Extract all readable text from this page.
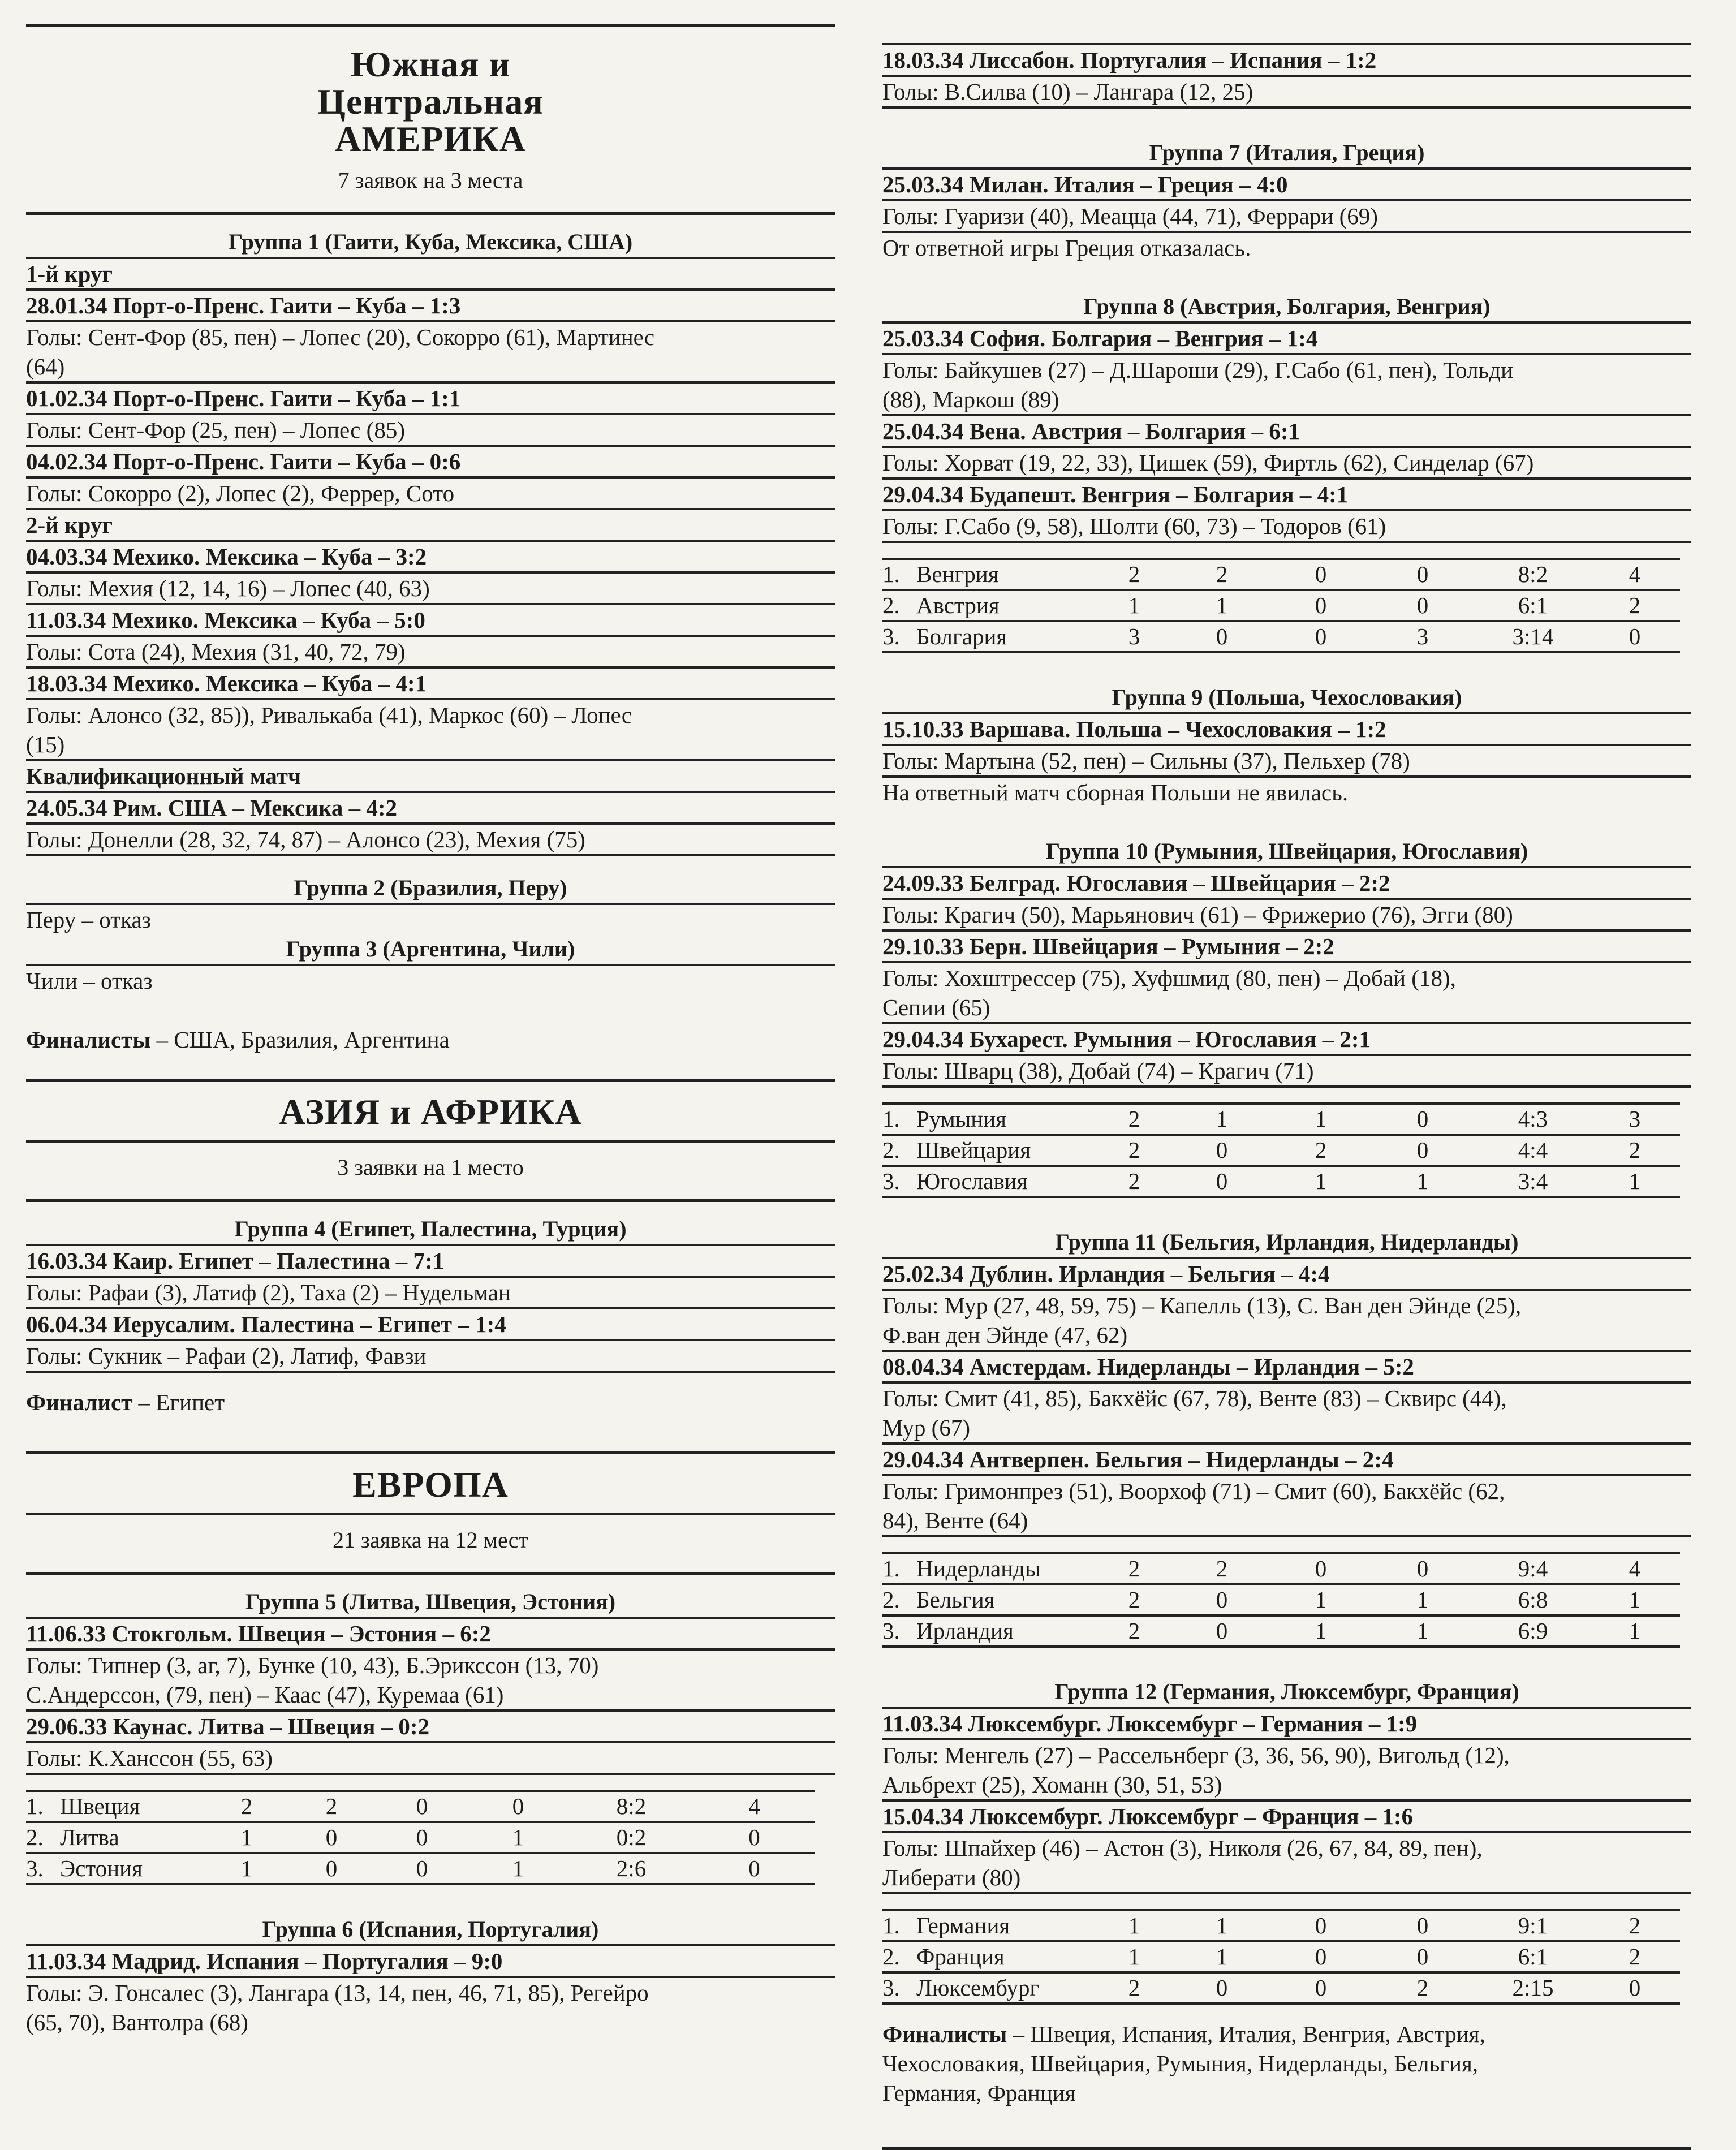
Южная и
Центральная
АМЕРИКА
7 заявок на 3 места
Группа 1 (Гаити, Куба, Мексика, США)
1-й круг
28.01.34 Порт-о-Пренс. Гаити – Куба – 1:3
Голы: Сент-Фор (85, пен) – Лопес (20), Сокорро (61), Мартинес
(64)
01.02.34 Порт-о-Пренс. Гаити – Куба – 1:1
Голы: Сент-Фор (25, пен) – Лопес (85)
04.02.34 Порт-о-Пренс. Гаити – Куба – 0:6
Голы: Сокорро (2), Лопес (2), Феррер, Сото
2-й круг
04.03.34 Мехико. Мексика – Куба – 3:2
Голы: Мехия (12, 14, 16) – Лопес (40, 63)
11.03.34 Мехико. Мексика – Куба – 5:0
Голы: Сота (24), Мехия (31, 40, 72, 79)
18.03.34 Мехико. Мексика – Куба – 4:1
Голы: Алонсо (32, 85)), Ривалькаба (41), Маркос (60) – Лопес
(15)
Квалификационный матч
24.05.34 Рим. США – Мексика – 4:2
Голы: Донелли (28, 32, 74, 87) – Алонсо (23), Мехия (75)
Группа 2 (Бразилия, Перу)
Перу – отказ
Группа 3 (Аргентина, Чили)
Чили – отказ
Финалисты – США, Бразилия, Аргентина
АЗИЯ и АФРИКА
3 заявки на 1 место
Группа 4 (Египет, Палестина, Турция)
16.03.34 Каир. Египет – Палестина – 7:1
Голы: Рафаи (3), Латиф (2), Таха (2) – Нудельман
06.04.34 Иерусалим. Палестина – Египет – 1:4
Голы: Сукник – Рафаи (2), Латиф, Фавзи
Финалист – Египет
ЕВРОПА
21 заявка на 12 мест
Группа 5 (Литва, Швеция, Эстония)
11.06.33 Стокгольм. Швеция – Эстония – 6:2
Голы: Типнер (3, аг, 7), Бунке (10, 43), Б.Эрикссон (13, 70)
С.Андерссон, (79, пен) – Каас (47), Куремаа (61)
29.06.33 Каунас. Литва – Швеция – 0:2
Голы: К.Ханссон (55, 63)
1.	Швеция	2	2	0	0	8:2	4
2.	Литва	1	0	0	1	0:2	0
3.	Эстония	1	0	0	1	2:6	0
Группа 6 (Испания, Португалия)
11.03.34 Мадрид. Испания – Португалия – 9:0
Голы: Э. Гонсалес (3), Лангара (13, 14, пен, 46, 71, 85), Регейро
(65, 70), Вантолра (68)
18.03.34 Лиссабон. Португалия – Испания – 1:2
Голы: В.Силва (10) – Лангара (12, 25)
Группа 7 (Италия, Греция)
25.03.34 Милан. Италия – Греция – 4:0
Голы: Гуаризи (40), Меацца (44, 71), Феррари (69)
От ответной игры Греция отказалась.
Группа 8 (Австрия, Болгария, Венгрия)
25.03.34 София. Болгария – Венгрия – 1:4
Голы: Байкушев (27) – Д.Шароши (29), Г.Сабо (61, пен), Тольди
(88), Маркош (89)
25.04.34 Вена. Австрия – Болгария – 6:1
Голы: Хорват (19, 22, 33), Цишек (59), Фиртль (62), Синделар (67)
29.04.34 Будапешт. Венгрия – Болгария – 4:1
Голы: Г.Сабо (9, 58), Шолти (60, 73) – Тодоров (61)
1.	Венгрия	2	2	0	0	8:2	4
2.	Австрия	1	1	0	0	6:1	2
3.	Болгария	3	0	0	3	3:14	0
Группа 9 (Польша, Чехословакия)
15.10.33 Варшава. Польша – Чехословакия – 1:2
Голы: Мартына (52, пен) – Сильны (37), Пельхер (78)
На ответный матч сборная Польши не явилась.
Группа 10 (Румыния, Швейцария, Югославия)
24.09.33 Белград. Югославия – Швейцария – 2:2
Голы: Крагич (50), Марьянович (61) – Фрижерио (76), Эгги (80)
29.10.33 Берн. Швейцария – Румыния – 2:2
Голы: Хохштрессер (75), Хуфшмид (80, пен) – Добай (18),
Сепии (65)
29.04.34 Бухарест. Румыния – Югославия – 2:1
Голы: Шварц (38), Добай (74) – Крагич (71)
1.	Румыния	2	1	1	0	4:3	3
2.	Швейцария	2	0	2	0	4:4	2
3.	Югославия	2	0	1	1	3:4	1
Группа 11 (Бельгия, Ирландия, Нидерланды)
25.02.34 Дублин. Ирландия – Бельгия – 4:4
Голы: Мур (27, 48, 59, 75) – Капелль (13), С. Ван ден Эйнде (25),
Ф.ван ден Эйнде (47, 62)
08.04.34 Амстердам. Нидерланды – Ирландия – 5:2
Голы: Смит (41, 85), Бакхёйс (67, 78), Венте (83) – Сквирс (44),
Мур (67)
29.04.34 Антверпен. Бельгия – Нидерланды – 2:4
Голы: Гримонпрез (51), Воорхоф (71) – Смит (60), Бакхёйс (62,
84), Венте (64)
1.	Нидерланды	2	2	0	0	9:4	4
2.	Бельгия	2	0	1	1	6:8	1
3.	Ирландия	2	0	1	1	6:9	1
Группа 12 (Германия, Люксембург, Франция)
11.03.34 Люксембург. Люксембург – Германия – 1:9
Голы: Менгель (27) – Рассельнберг (3, 36, 56, 90), Вигольд (12),
Альбрехт (25), Хоманн (30, 51, 53)
15.04.34 Люксембург. Люксембург – Франция – 1:6
Голы: Шпайхер (46) – Астон (3), Николя (26, 67, 84, 89, пен),
Либерати (80)
1.	Германия	1	1	0	0	9:1	2
2.	Франция	1	1	0	0	6:1	2
3.	Люксембург	2	0	0	2	2:15	0
Финалисты – Швеция, Испания, Италия, Венгрия, Австрия,
Чехословакия, Швейцария, Румыния, Нидерланды, Бельгия,
Германия, Франция
